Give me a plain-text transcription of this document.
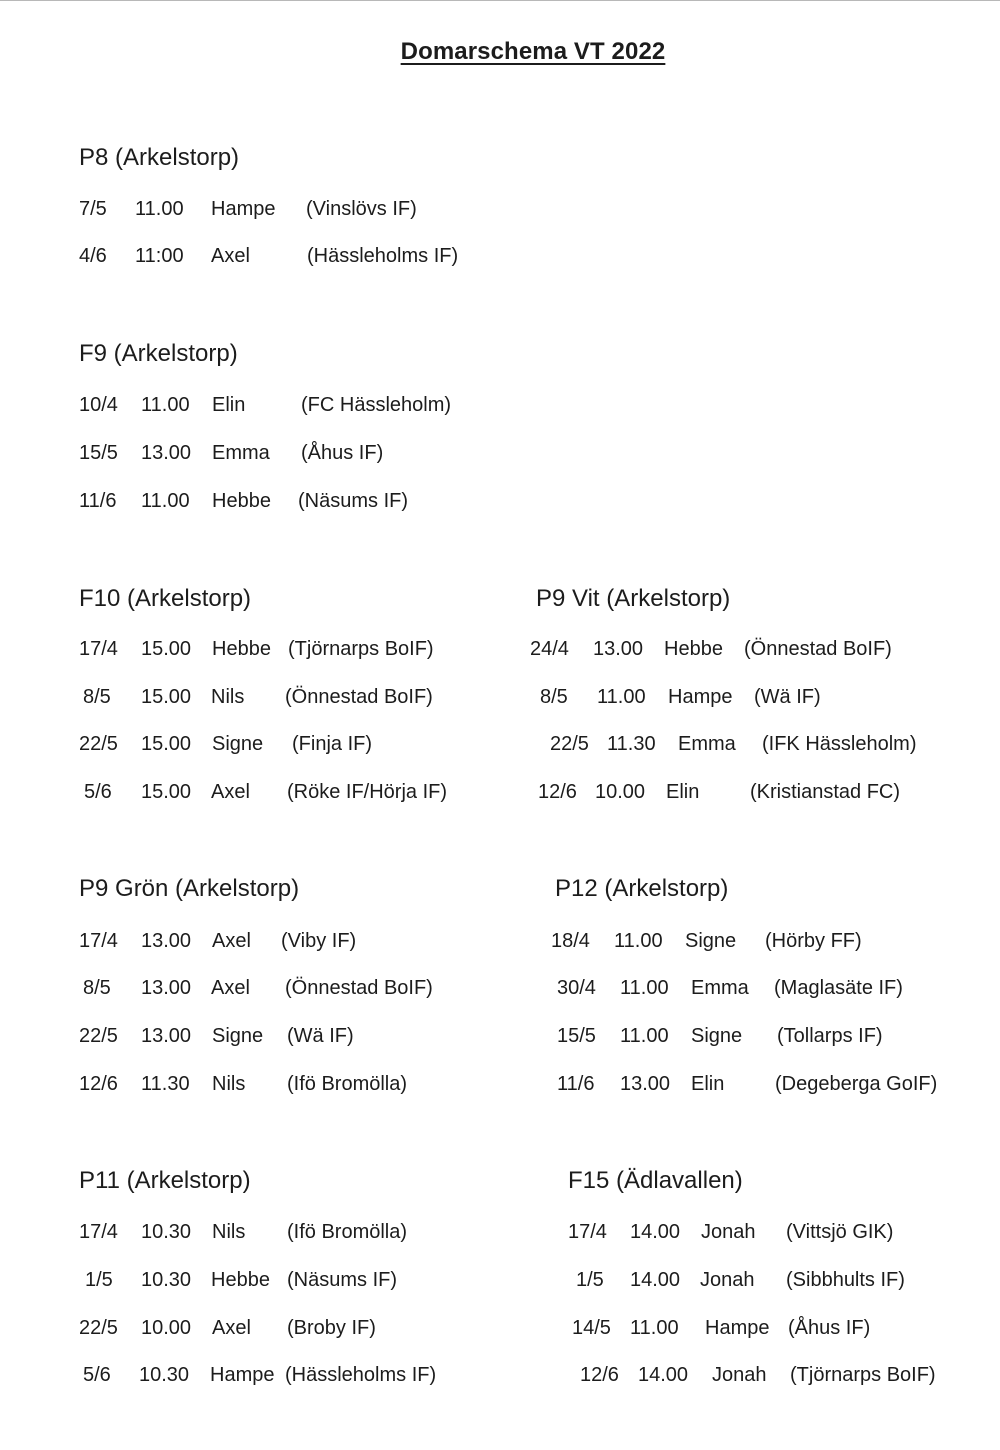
Domarschema VT 2022
P8 (Arkelstorp)
7/5 11.00 Hampe (Vinslövs IF)
4/6 11:00 Axel	(Hässleholms IF)
F9 (Arkelstorp)
10/4 11.00 Elin	(FC Hässleholm)
15/5 13.00 Emma (Åhus IF)
11/6 11.00 Hebbe (Näsums IF)
F10 (Arkelstorp)
17/4 15.00 Hebbe (Tjörnarps BoIF)
8/5 15.00 Nils (Önnestad BoIF)
22/5 15.00 Signe (Finja IF)
5/6 15.00 Axel (Röke IF/Hörja IF)
P9 Vit (Arkelstorp)
24/4 13.00 Hebbe (Önnestad BoIF)
8/5 11.00 Hampe (Wä IF)
22/5 11.30 Emma (IFK Hässleholm)
12/6 10.00 Elin	(Kristianstad FC)
P9 Grön (Arkelstorp)
17/4 13.00 Axel (Viby IF)
8/5 13.00 Axel (Önnestad BoIF)
22/5 13.00 Signe (Wä IF)
12/6 11.30 Nils (Ifö Bromölla)
P12 (Arkelstorp)
18/4 11.00 Signe (Hörby FF)
30/4 11.00 Emma (Maglasäte IF)
15/5 11.00 Signe (Tollarps IF)
11/6 13.00 Elin	(Degeberga GoIF)
P11 (Arkelstorp)
17/4 10.30 Nils (Ifö Bromölla)
1/5 10.30 Hebbe (Näsums IF)
22/5 10.00 Axel (Broby IF)
5/6 10.30 Hampe (Hässleholms IF)
F15 (Ädlavallen)
17/4 14.00 Jonah (Vittsjö GIK)
1/5 14.00 Jonah (Sibbhults IF)
14/5 11.00 Hampe (Åhus IF)
12/6 14.00 Jonah (Tjörnarps BoIF)
